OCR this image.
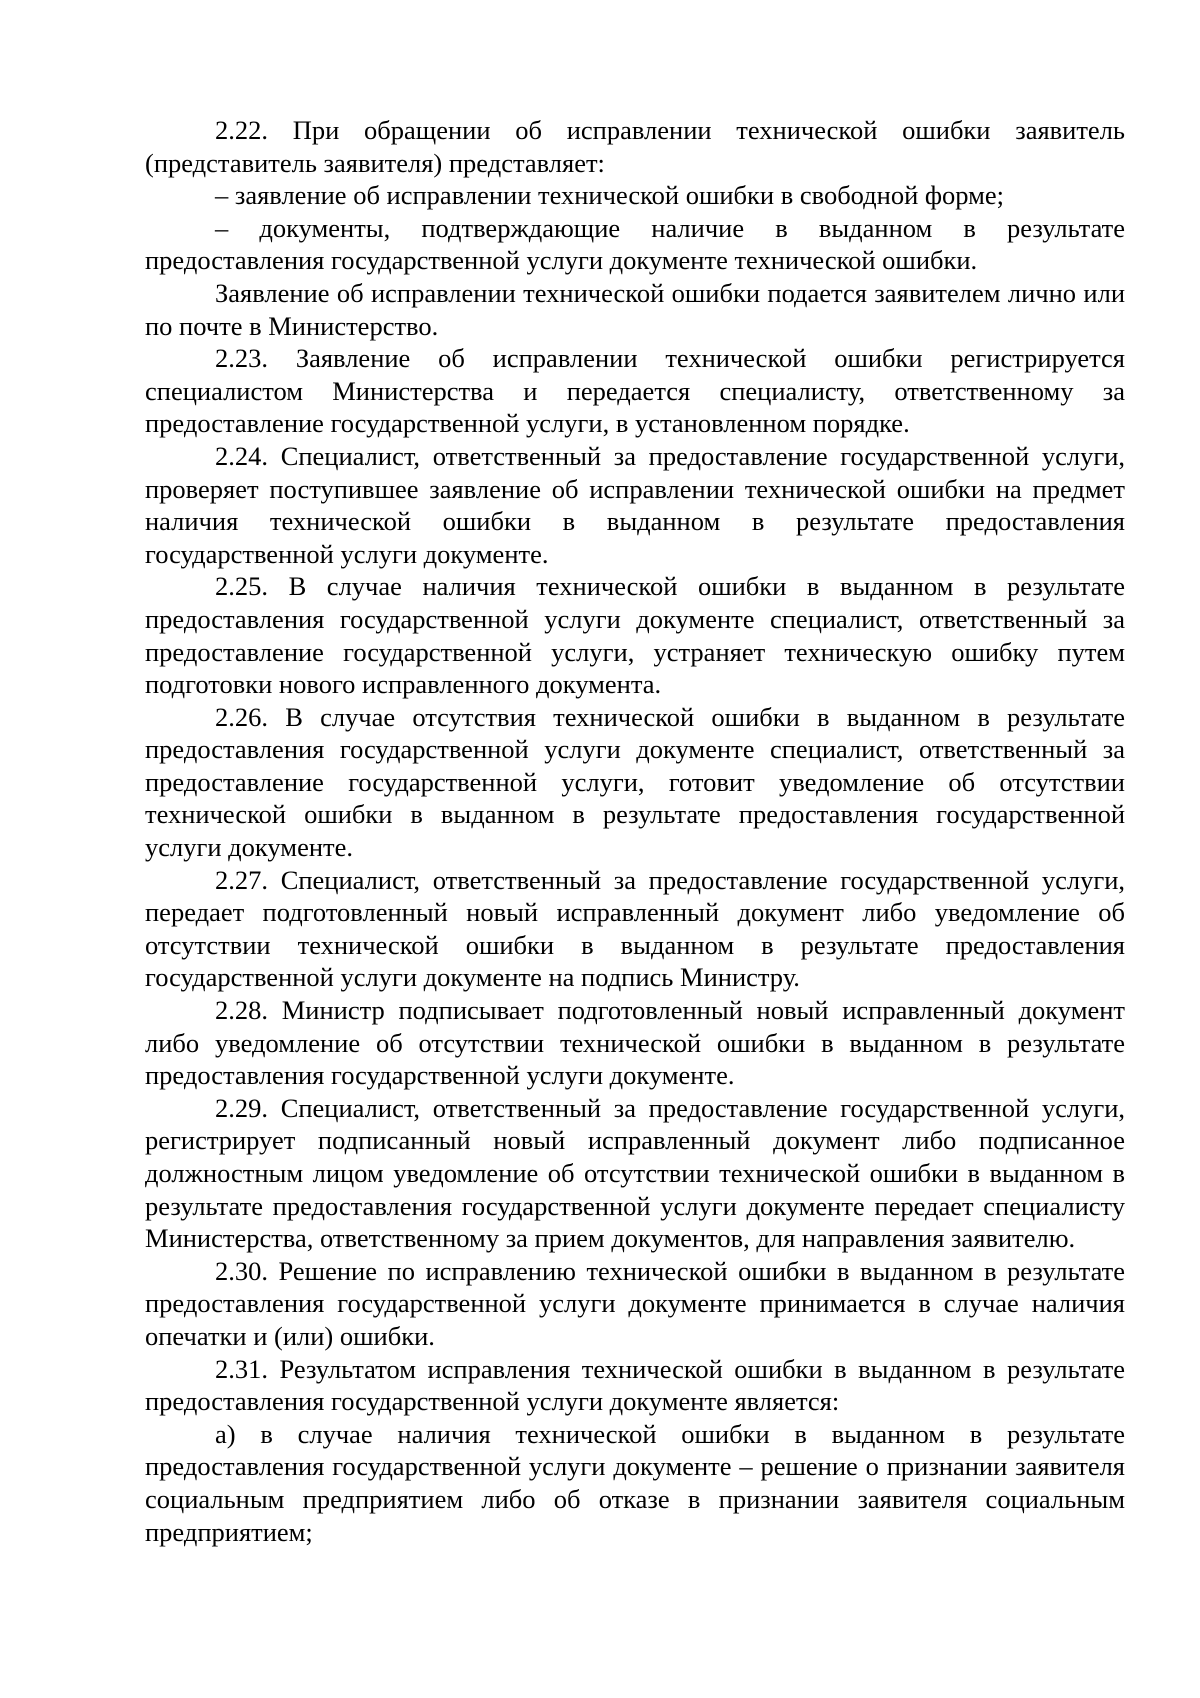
2.22. При обращении об исправлении технической ошибки заявитель (представитель заявителя) представляет:

– заявление об исправлении технической ошибки в свободной форме;

– документы, подтверждающие наличие в выданном в результате предоставления государственной услуги документе технической ошибки.

Заявление об исправлении технической ошибки подается заявителем лично или по почте в Министерство.

2.23. Заявление об исправлении технической ошибки регистрируется специалистом Министерства и передается специалисту, ответственному за предоставление государственной услуги, в установленном порядке.

2.24. Специалист, ответственный за предоставление государственной услуги, проверяет поступившее заявление об исправлении технической ошибки на предмет наличия технической ошибки в выданном в результате предоставления государственной услуги документе.

2.25. В случае наличия технической ошибки в выданном в результате предоставления государственной услуги документе специалист, ответственный за предоставление государственной услуги, устраняет техническую ошибку путем подготовки нового исправленного документа.

2.26. В случае отсутствия технической ошибки в выданном в результате предоставления государственной услуги документе специалист, ответственный за предоставление государственной услуги, готовит уведомление об отсутствии технической ошибки в выданном в результате предоставления государственной услуги документе.

2.27. Специалист, ответственный за предоставление государственной услуги, передает подготовленный новый исправленный документ либо уведомление об отсутствии технической ошибки в выданном в результате предоставления государственной услуги документе на подпись Министру.

2.28. Министр подписывает подготовленный новый исправленный документ либо уведомление об отсутствии технической ошибки в выданном в результате предоставления государственной услуги документе.

2.29. Специалист, ответственный за предоставление государственной услуги, регистрирует подписанный новый исправленный документ либо подписанное должностным лицом уведомление об отсутствии технической ошибки в выданном в результате предоставления государственной услуги документе передает специалисту Министерства, ответственному за прием документов, для направления заявителю.

2.30. Решение по исправлению технической ошибки в выданном в результате предоставления государственной услуги документе принимается в случае наличия опечатки и (или) ошибки.

2.31. Результатом исправления технической ошибки в выданном в результате предоставления государственной услуги документе является:

а) в случае наличия технической ошибки в выданном в результате предоставления государственной услуги документе – решение о признании заявителя социальным предприятием либо об отказе в признании заявителя социальным предприятием;
